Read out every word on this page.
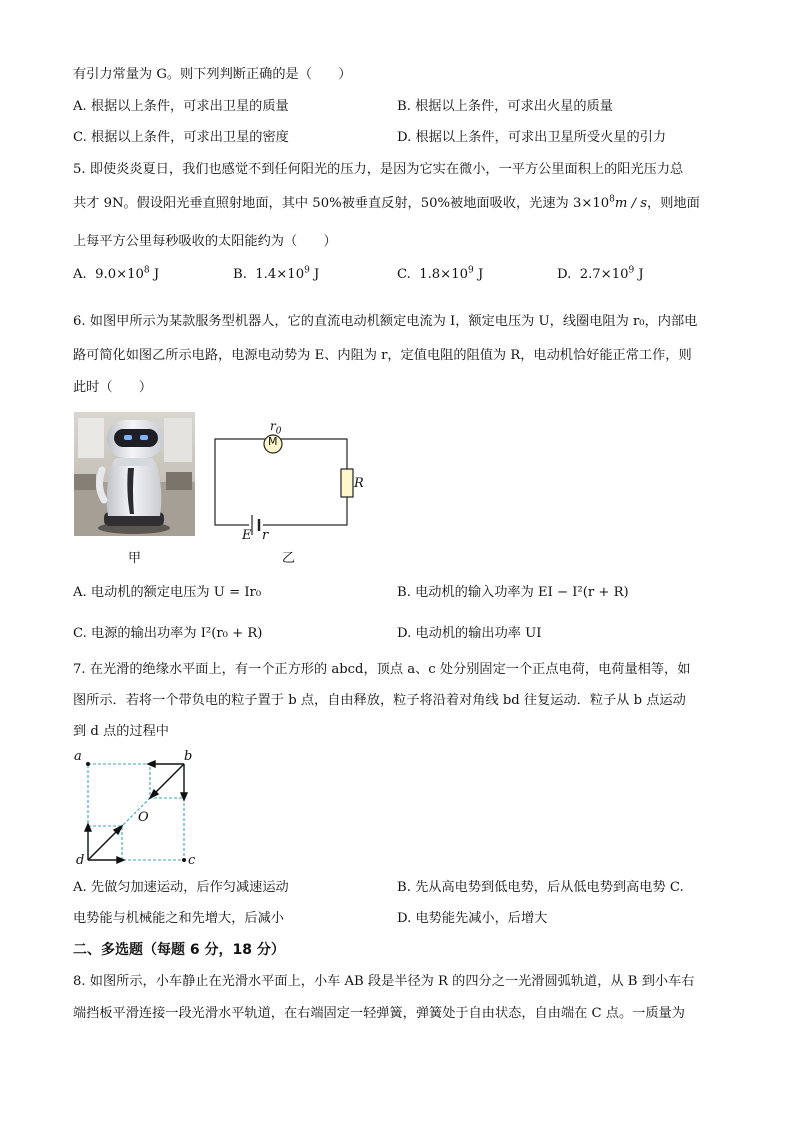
有引力常量为 G。则下列判断正确的是（　　）
A. 根据以上条件，可求出卫星的质量	B. 根据以上条件，可求出火星的质量
C. 根据以上条件，可求出卫星的密度	D. 根据以上条件，可求出卫星所受火星的引力
5. 即使炎炎夏日，我们也感觉不到任何阳光的压力，是因为它实在微小，一平方公里面积上的阳光压力总
共才 9N。假设阳光垂直照射地面，其中 50%被垂直反射，50%被地面吸收，光速为 $3\times 10^8m / s$，则地面
上每平方公里每秒吸收的太阳能约为（　　）
A. $9.0\times 10^8$ J	B. $1.4\times 10^9$ J	C. $1.8\times 10^9$ J	D. $2.7\times 10^9$ J
6. 如图甲所示为某款服务型机器人，它的直流电动机额定电流为 I，额定电压为 U，线圈电阻为 r₀，内部电
路可简化如图乙所示电路，电源电动势为 E、内阻为 r，定值电阻的阻值为 R，电动机恰好能正常工作，则
此时（　　）
甲
M
$r_0$
R
E r
乙
A. 电动机的额定电压为 U = Ir₀	B. 电动机的输入功率为 EI − I²(r + R)
C. 电源的输出功率为 I²(r₀ + R)	D. 电动机的输出功率 UI
7. 在光滑的绝缘水平面上，有一个正方形的 abcd，顶点 a、c 处分别固定一个正点电荷，电荷量相等，如
图所示．若将一个带负电的粒子置于 b 点，自由释放，粒子将沿着对角线 bd 往复运动．粒子从 b 点运动
到 d 点的过程中
a	b
c
d
O
A. 先做匀加速运动，后作匀减速运动	B. 先从高电势到低电势，后从低电势到高电势 C.
电势能与机械能之和先增大，后减小	D. 电势能先减小，后增大
二、多选题（每题 6 分，18 分）
8. 如图所示，小车静止在光滑水平面上，小车 AB 段是半径为 R 的四分之一光滑圆弧轨道，从 B 到小车右
端挡板平滑连接一段光滑水平轨道，在右端固定一轻弹簧，弹簧处于自由状态，自由端在 C 点。一质量为
